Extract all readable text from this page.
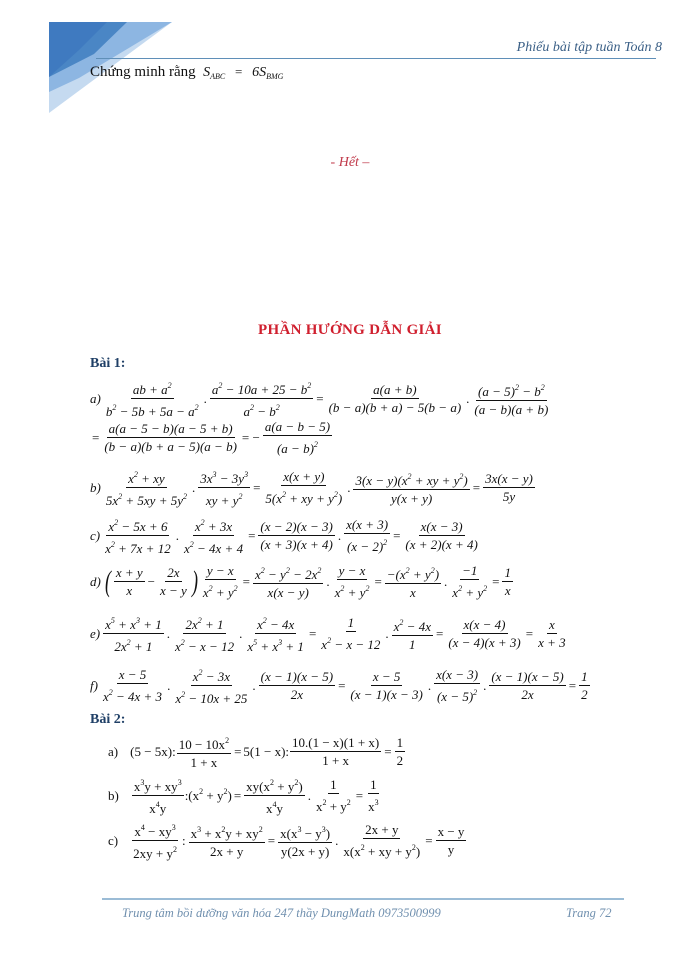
Phiếu bài tập tuần Toán 8
Chứng minh rằng $S_{ABC} = 6S_{BMG}$
- Hết –
PHẦN HƯỚNG DẪN GIẢI
Bài 1:
$a) \frac{ab + a^2}{b^2 - 5b + 5a - a^2}$ . $\frac{a^2 - 10a + 25 - b^2}{a^2 - b^2} = \frac{a(a + b)}{(b - a)(b + a) - 5(b - a)}$ . $\frac{(a - 5)^2 - b^2}{(a - b)(a + b)}$
= $\frac{a(a - 5 - b)(a - 5 + b)}{(b - a)(b + a - 5)(a - b)}$ = − $\frac{a(a - b - 5)}{(a - b)^2}$
$b) \frac{x^2 + xy}{5x^2 + 5xy + 5y^2}$ . $\frac{3x^3 - 3y^3}{xy + y^2} = \frac{x(x + y)}{5(x^2 + xy + y^2)}$ . $\frac{3(x - y)(x^2 + xy + y^2)}{y(x + y)} = \frac{3x(x - y)}{5y}$
$c) \frac{x^2 - 5x + 6}{x^2 + 7x + 12}$ . $\frac{x^2 + 3x}{x^2 - 4x + 4} = \frac{(x - 2)(x - 3)}{(x + 3)(x + 4)}$ . $\frac{x(x + 3)}{(x - 2)^2} = \frac{x(x - 3)}{(x + 2)(x + 4)}$
d) ( $\frac{x + y}{x} - \frac{2x}{x - y}$ ) $\frac{y - x}{x^2 + y^2} = \frac{x^2 - y^2 - 2x^2}{x(x - y)}$ . $\frac{y - x}{x^2 + y^2} = \frac{-(x^2 + y^2)}{x}$ . $\frac{-1}{x^2 + y^2} = \frac{1}{x}$
$e) \frac{x^5 + x^3 + 1}{2x^2 + 1}$ . $\frac{2x^2 + 1}{x^2 - x - 12}$ . $\frac{x^2 - 4x}{x^5 + x^3 + 1} = \frac{1}{x^2 - x - 12}$ . $\frac{x^2 - 4x}{1} = \frac{x(x - 4)}{(x - 4)(x + 3)} = \frac{x}{x + 3}$
$f) \frac{x - 5}{x^2 - 4x + 3}$ . $\frac{x^2 - 3x}{x^2 - 10x + 25}$ . $\frac{(x - 1)(x - 5)}{2x} = \frac{x - 5}{(x - 1)(x - 3)}$ . $\frac{x(x - 3)}{(x - 5)^2}$ . $\frac{(x - 1)(x - 5)}{2x} = \frac{1}{2}$
Bài 2:
a) (5 − 5x): $\frac{10 - 10x^2}{1 + x} = 5(1 - x)$: $\frac{10.(1 - x)(1 + x)}{1 + x} = \frac{1}{2}$
$b) \frac{x^3y + xy^3}{x^4y}$ $:(x^2 + y^2) = \frac{xy(x^2 + y^2)}{x^4y}$ . $\frac{1}{x^2 + y^2} = \frac{1}{x^3}$
$c) \frac{x^4 - xy^3}{2xy + y^2}$ : $\frac{x^3 + x^2y + xy^2}{2x + y} = \frac{x(x^3 - y^3)}{y(2x + y)}$ . $\frac{2x + y}{x(x^2 + xy + y^2)} = \frac{x - y}{y}$
Trung tâm bồi dưỡng văn hóa 247 thầy DungMath 0973500999	Trang 72
